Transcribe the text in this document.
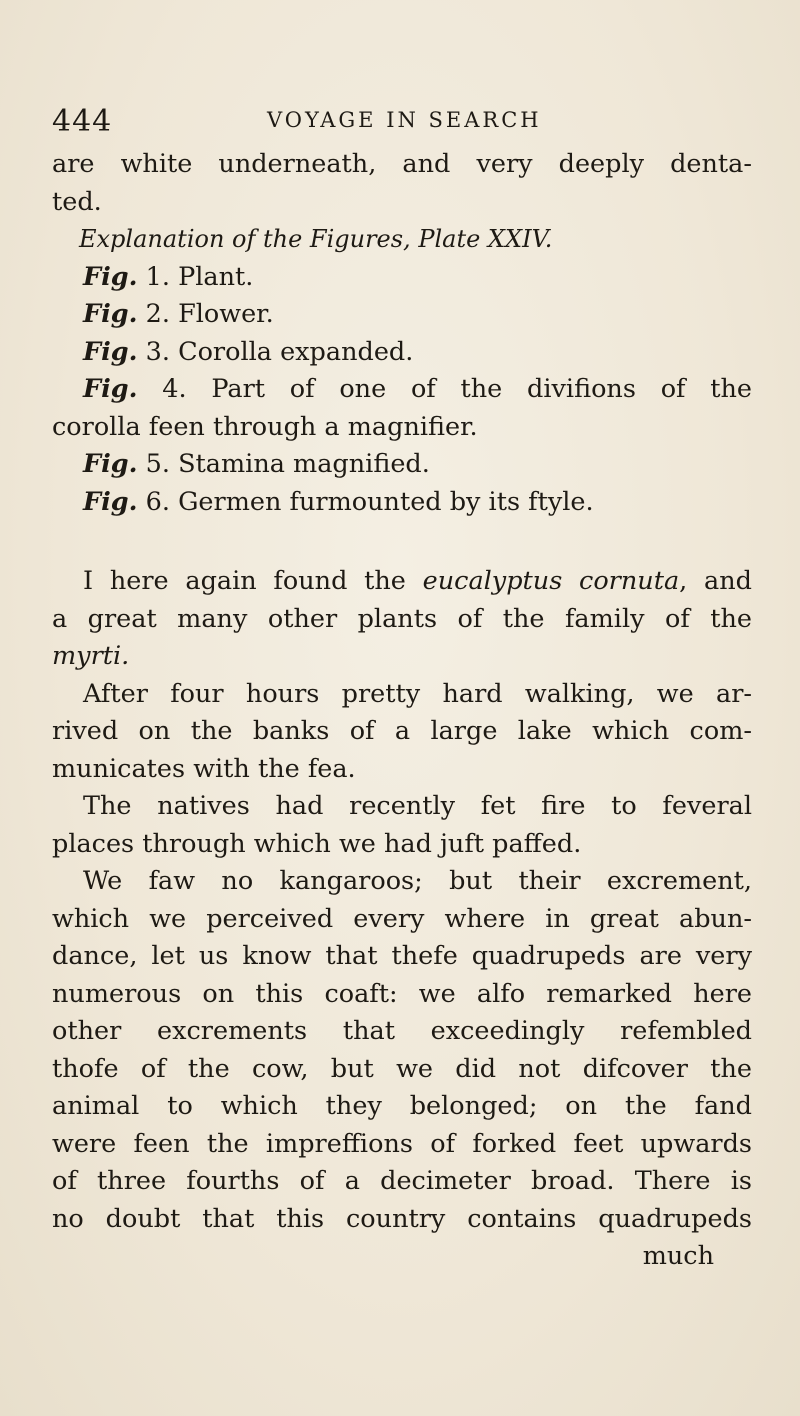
444	VOYAGE IN SEARCH
are white underneath, and very deeply denta-
ted.
Explanation of the Figures, Plate XXIV.
Fig. 1. Plant.
Fig. 2. Flower.
Fig. 3. Corolla expanded.
Fig. 4. Part of one of the divifions of the
corolla feen through a magnifier.
Fig. 5. Stamina magnified.
Fig. 6. Germen furmounted by its ftyle.
I here again found the eucalyptus cornuta, and
a great many other plants of the family of the
myrti.
After four hours pretty hard walking, we ar-
rived on the banks of a large lake which com-
municates with the fea.
The natives had recently fet fire to feveral
places through which we had juft paffed.
We faw no kangaroos; but their excrement,
which we perceived every where in great abun-
dance, let us know that thefe quadrupeds are very
numerous on this coaft: we alfo remarked here
other excrements that exceedingly refembled
thofe of the cow, but we did not difcover the
animal to which they belonged; on the fand
were feen the impreffions of forked feet upwards
of three fourths of a decimeter broad. There is
no doubt that this country contains quadrupeds
much
